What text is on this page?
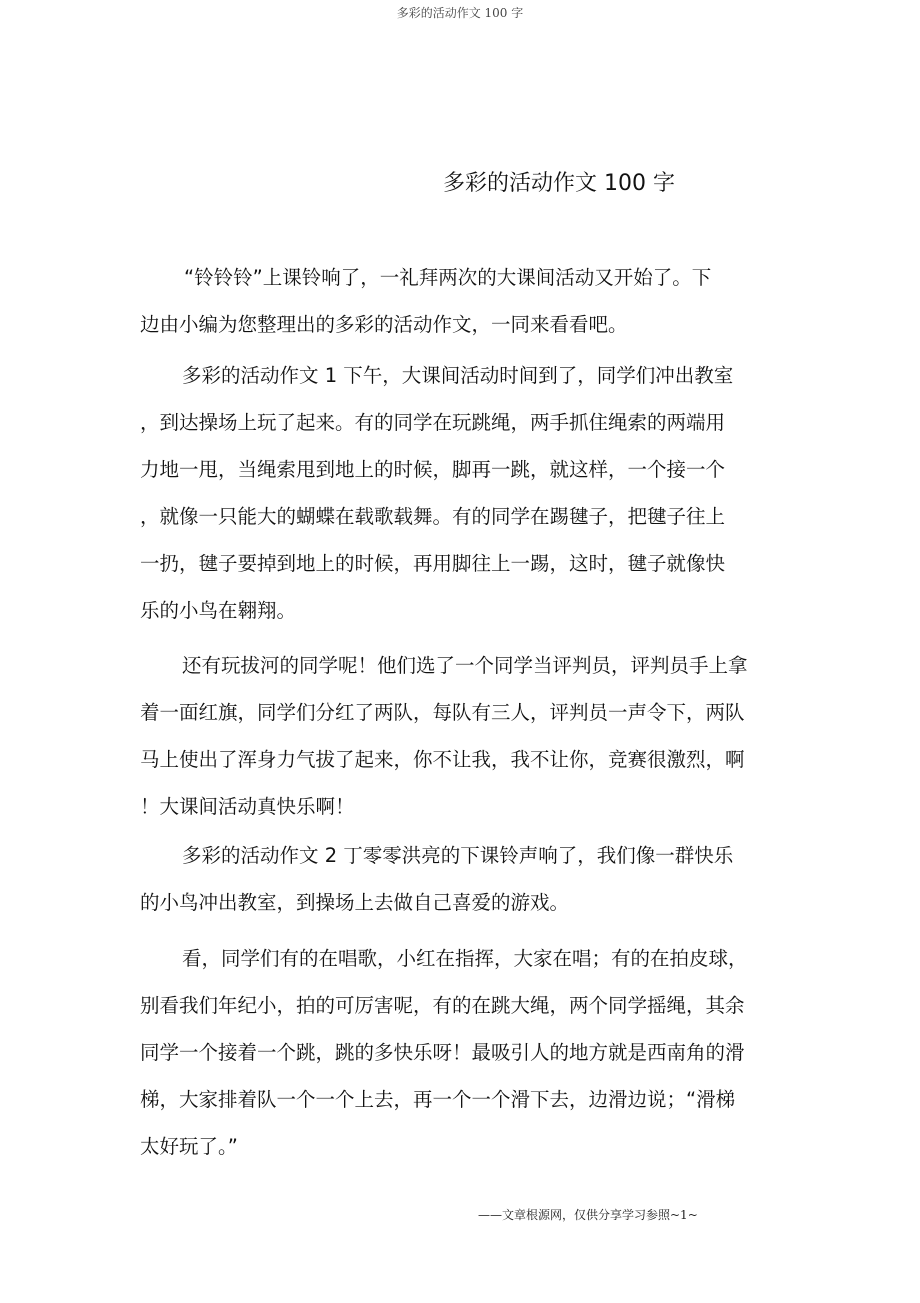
多彩的活动作文 100 字
多彩的活动作文 100 字
“铃铃铃”上课铃响了，一礼拜两次的大课间活动又开始了。下
边由小编为您整理出的多彩的活动作文，一同来看看吧。
多彩的活动作文 1 下午，大课间活动时间到了，同学们冲出教室
，到达操场上玩了起来。有的同学在玩跳绳，两手抓住绳索的两端用
力地一甩，当绳索甩到地上的时候，脚再一跳，就这样，一个接一个
，就像一只能大的蝴蝶在载歌载舞。有的同学在踢毽子，把毽子往上
一扔，毽子要掉到地上的时候，再用脚往上一踢，这时，毽子就像快
乐的小鸟在翱翔。
还有玩拔河的同学呢！他们选了一个同学当评判员，评判员手上拿
着一面红旗，同学们分红了两队，每队有三人，评判员一声令下，两队
马上使出了浑身力气拔了起来，你不让我，我不让你，竞赛很激烈，啊
！大课间活动真快乐啊！
多彩的活动作文 2 丁零零洪亮的下课铃声响了，我们像一群快乐
的小鸟冲出教室，到操场上去做自己喜爱的游戏。
看，同学们有的在唱歌，小红在指挥，大家在唱；有的在拍皮球，
别看我们年纪小，拍的可厉害呢，有的在跳大绳，两个同学摇绳，其余
同学一个接着一个跳，跳的多快乐呀！最吸引人的地方就是西南角的滑
梯，大家排着队一个一个上去，再一个一个滑下去，边滑边说；“滑梯
太好玩了。”
——文章根源网，仅供分享学习参照~1~
